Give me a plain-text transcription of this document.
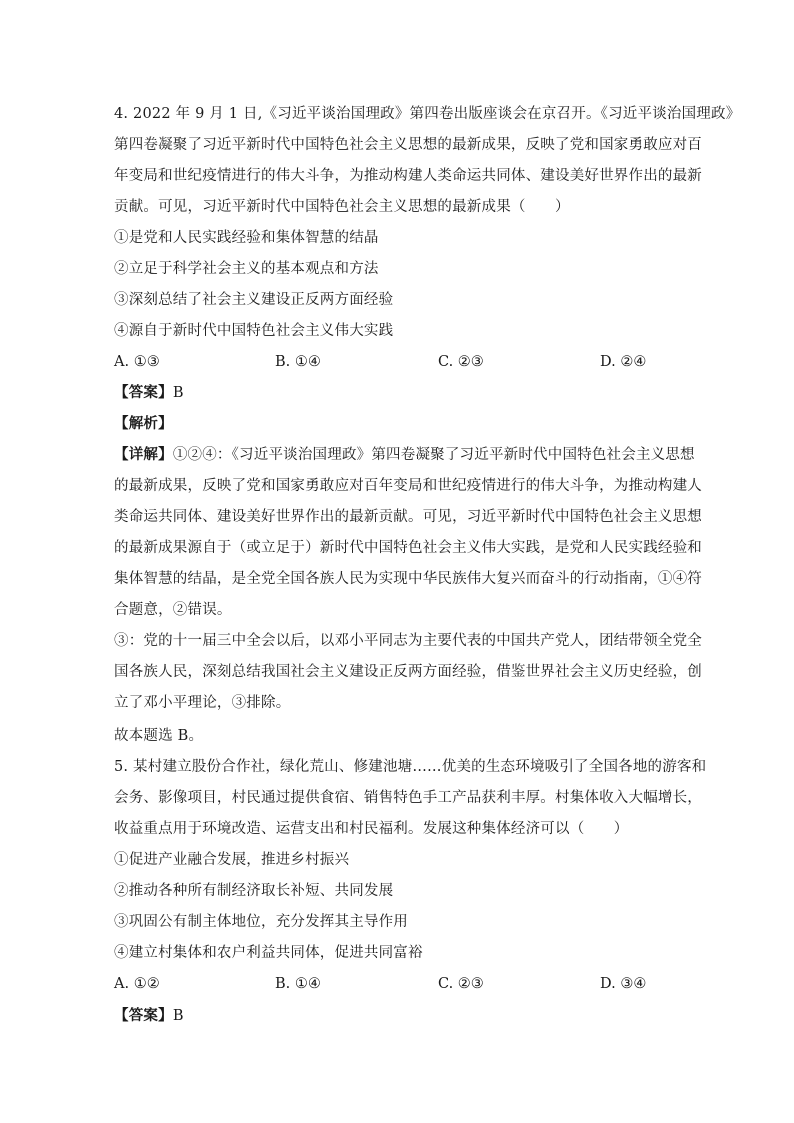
4. 2022 年 9 月 1 日,《习近平谈治国理政》第四卷出版座谈会在京召开。《习近平谈治国理政》
第四卷凝聚了习近平新时代中国特色社会主义思想的最新成果，反映了党和国家勇敢应对百
年变局和世纪疫情进行的伟大斗争，为推动构建人类命运共同体、建设美好世界作出的最新
贡献。可见，习近平新时代中国特色社会主义思想的最新成果（　　）
①是党和人民实践经验和集体智慧的结晶
②立足于科学社会主义的基本观点和方法
③深刻总结了社会主义建设正反两方面经验
④源自于新时代中国特色社会主义伟大实践
A. ①③	B. ①④	C. ②③	D. ②④
【答案】B
【解析】
【详解】①②④：《习近平谈治国理政》第四卷凝聚了习近平新时代中国特色社会主义思想
的最新成果，反映了党和国家勇敢应对百年变局和世纪疫情进行的伟大斗争，为推动构建人
类命运共同体、建设美好世界作出的最新贡献。可见，习近平新时代中国特色社会主义思想
的最新成果源自于（或立足于）新时代中国特色社会主义伟大实践，是党和人民实践经验和
集体智慧的结晶，是全党全国各族人民为实现中华民族伟大复兴而奋斗的行动指南，①④符
合题意，②错误。
③：党的十一届三中全会以后，以邓小平同志为主要代表的中国共产党人，团结带领全党全
国各族人民，深刻总结我国社会主义建设正反两方面经验，借鉴世界社会主义历史经验，创
立了邓小平理论，③排除。
故本题选 B。
5. 某村建立股份合作社，绿化荒山、修建池塘……优美的生态环境吸引了全国各地的游客和
会务、影像项目，村民通过提供食宿、销售特色手工产品获利丰厚。村集体收入大幅增长，
收益重点用于环境改造、运营支出和村民福利。发展这种集体经济可以（　　）
①促进产业融合发展，推进乡村振兴
②推动各种所有制经济取长补短、共同发展
③巩固公有制主体地位，充分发挥其主导作用
④建立村集体和农户利益共同体，促进共同富裕
A. ①②	B. ①④	C. ②③	D. ③④
【答案】B
